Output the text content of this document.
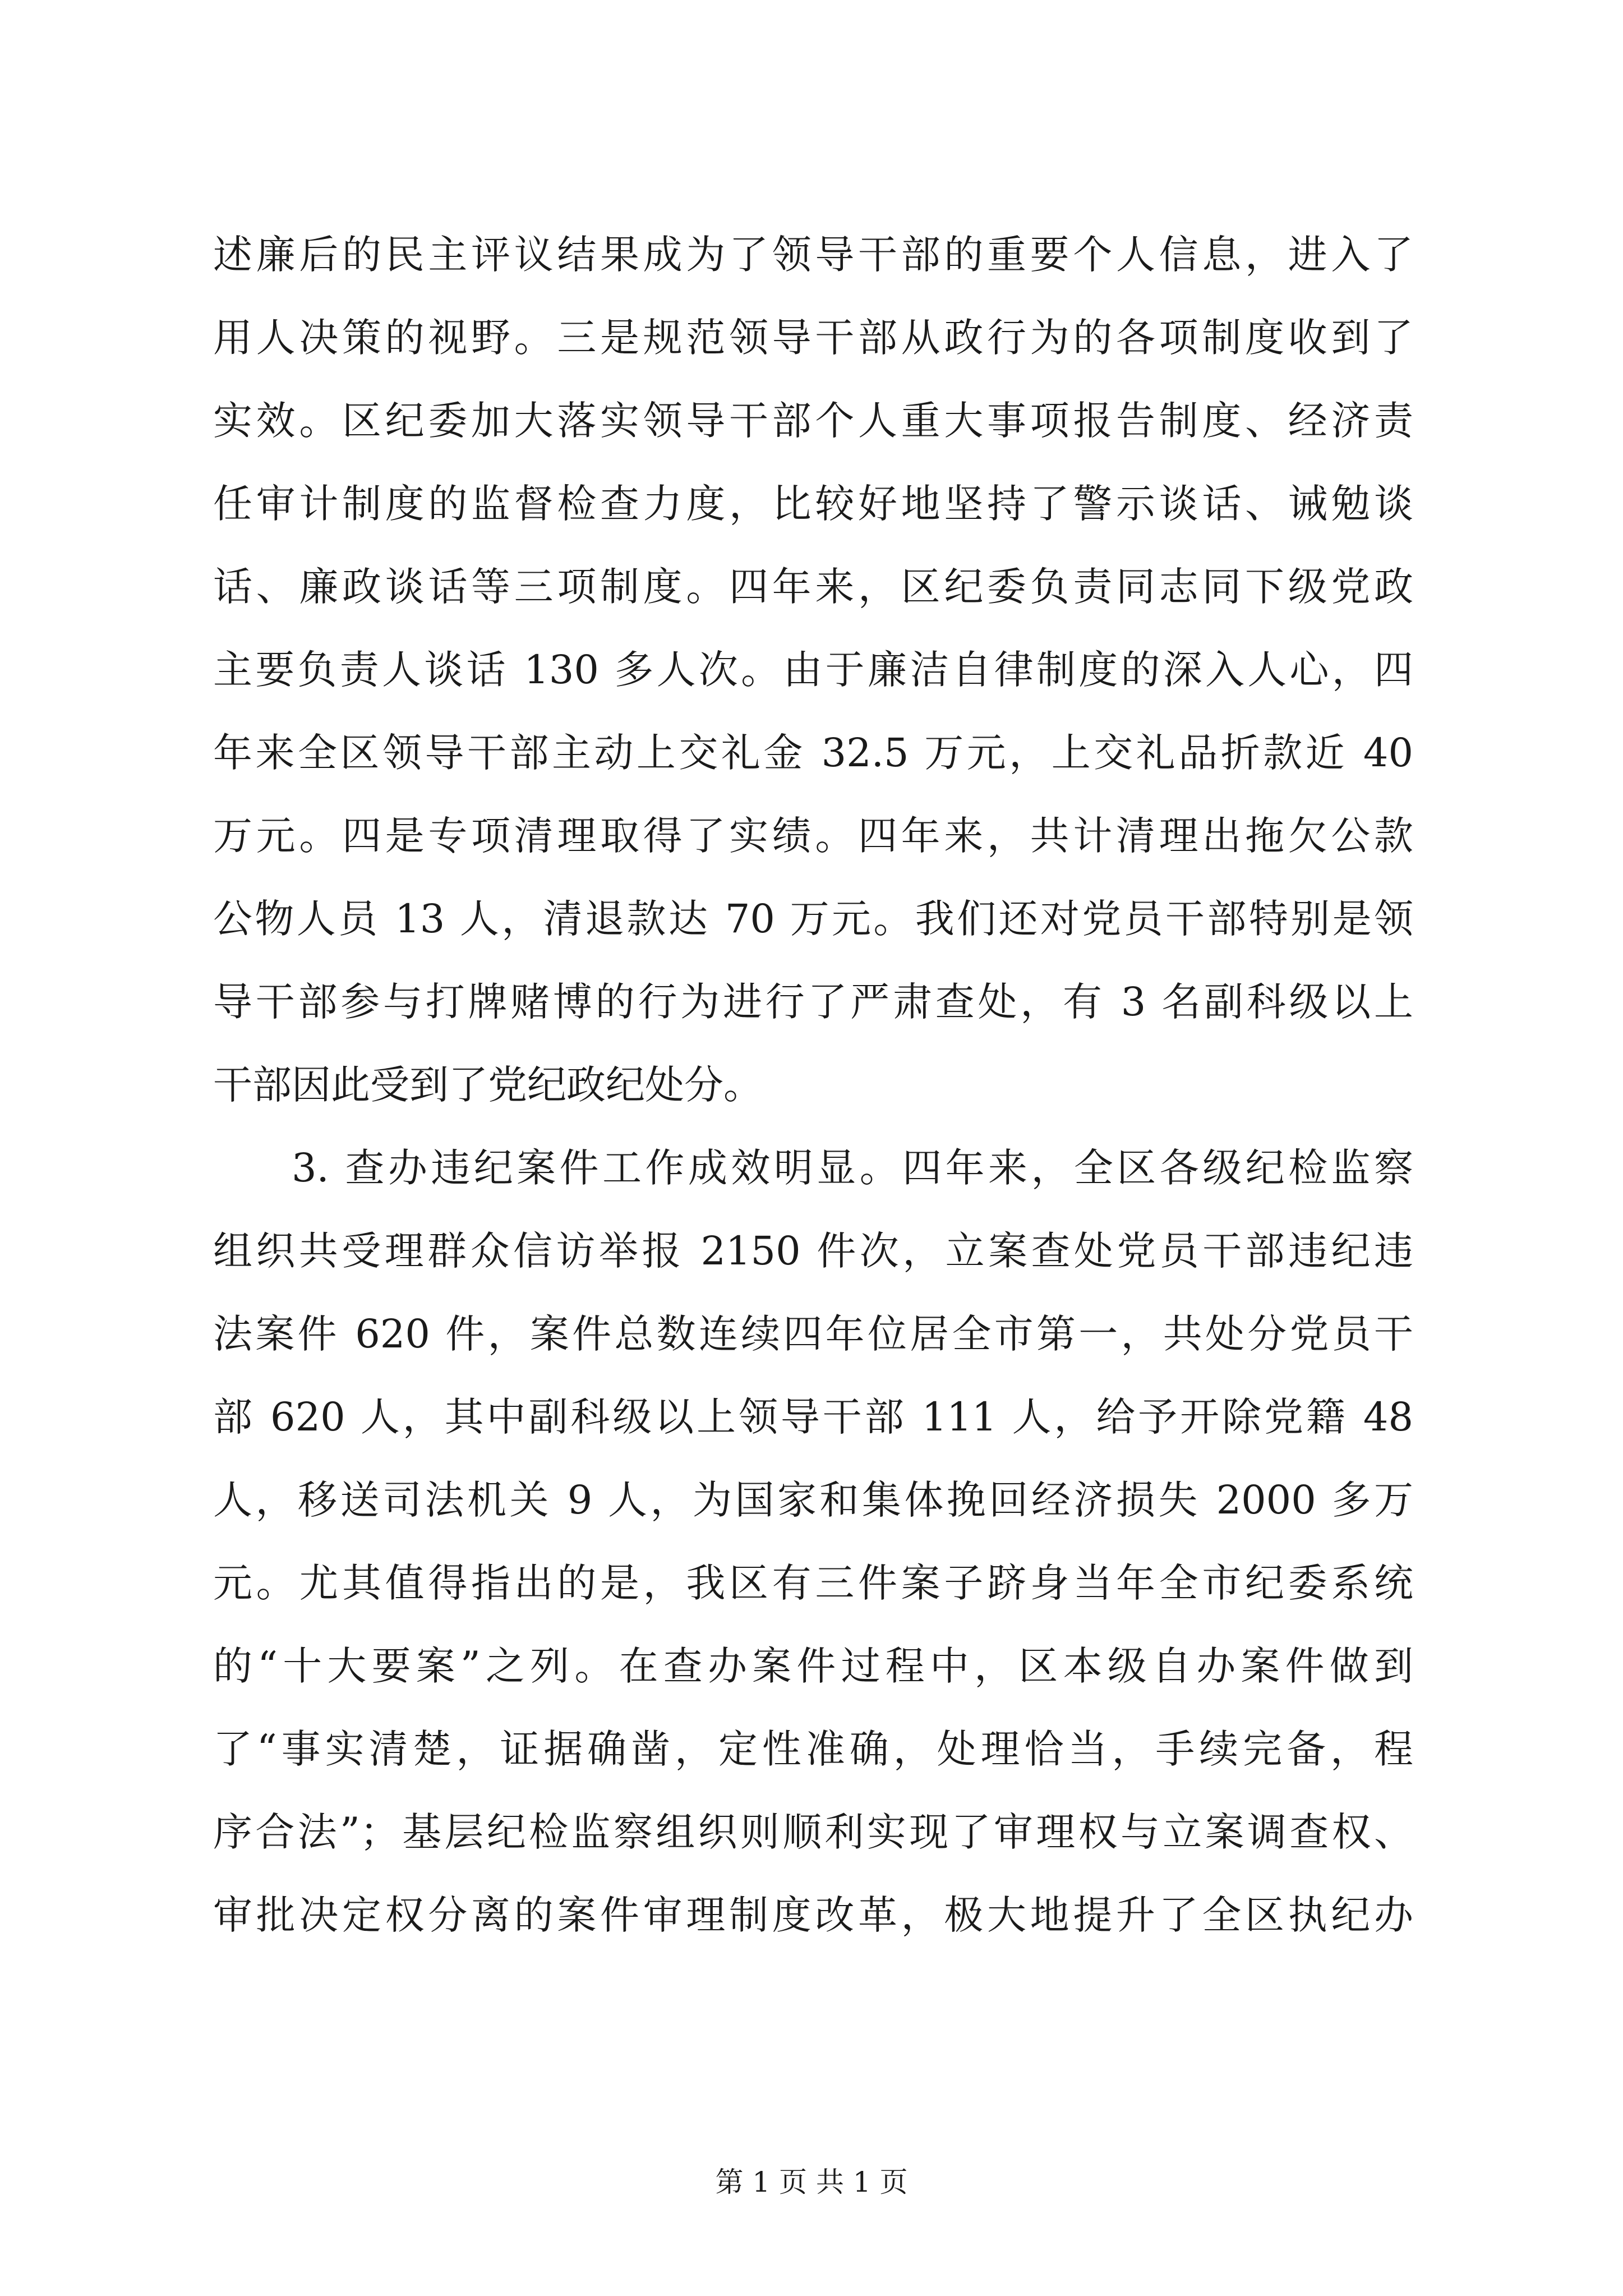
述廉后的民主评议结果成为了领导干部的重要个人信息，进入了
用人决策的视野。三是规范领导干部从政行为的各项制度收到了
实效。区纪委加大落实领导干部个人重大事项报告制度、经济责
任审计制度的监督检查力度，比较好地坚持了警示谈话、诫勉谈
话、廉政谈话等三项制度。四年来，区纪委负责同志同下级党政
主要负责人谈话 130 多人次。由于廉洁自律制度的深入人心，四
年来全区领导干部主动上交礼金 32.5 万元，上交礼品折款近 40
万元。四是专项清理取得了实绩。四年来，共计清理出拖欠公款
公物人员 13 人，清退款达 70 万元。我们还对党员干部特别是领
导干部参与打牌赌博的行为进行了严肃查处，有 3 名副科级以上
干部因此受到了党纪政纪处分。
3. 查办违纪案件工作成效明显。四年来，全区各级纪检监察
组织共受理群众信访举报 2150 件次，立案查处党员干部违纪违
法案件 620 件，案件总数连续四年位居全市第一，共处分党员干
部 620 人，其中副科级以上领导干部 111 人，给予开除党籍 48
人，移送司法机关 9 人，为国家和集体挽回经济损失 2000 多万
元。尤其值得指出的是，我区有三件案子跻身当年全市纪委系统
的“十大要案”之列。在查办案件过程中，区本级自办案件做到
了“事实清楚，证据确凿，定性准确，处理恰当，手续完备，程
序合法”；基层纪检监察组织则顺利实现了审理权与立案调查权、
审批决定权分离的案件审理制度改革，极大地提升了全区执纪办
第 1 页 共 1 页
